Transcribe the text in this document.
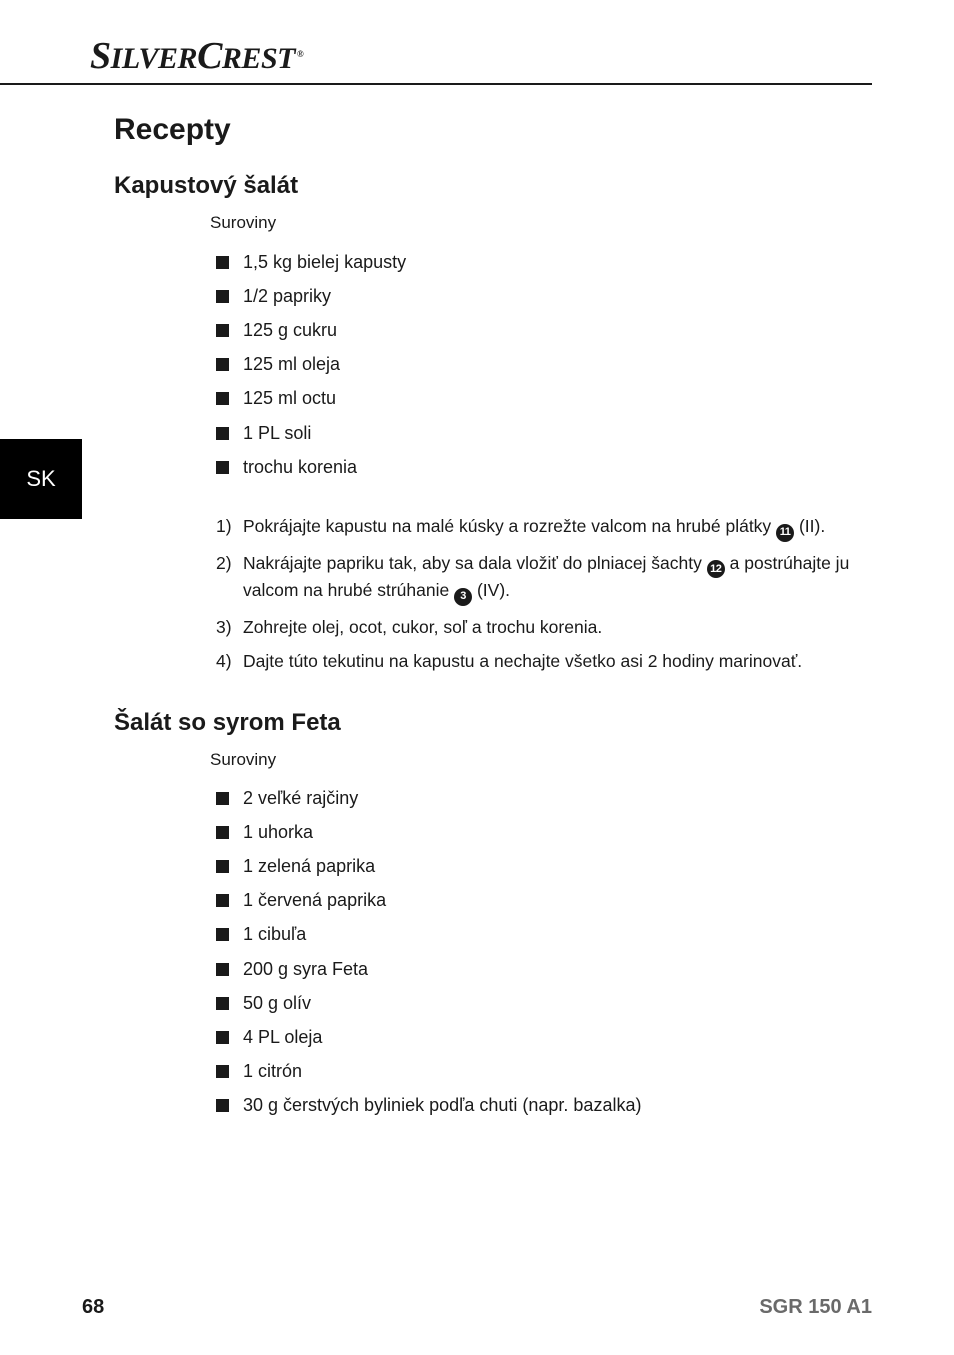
SILVERCREST ®
SK
Recepty
Kapustový šalát
Suroviny
1,5 kg bielej kapusty
1/2 papriky
125 g cukru
125 ml oleja
125 ml octu
1 PL soli
trochu korenia
1) Pokrájajte kapustu na malé kúsky a rozrežte valcom na hrubé plátky 11 (II).
2) Nakrájajte papriku tak, aby sa dala vložiť do plniacej šachty 12 a postrúhajte ju valcom na hrubé strúhanie 3 (IV).
3) Zohrejte olej, ocot, cukor, soľ a trochu korenia.
4) Dajte túto tekutinu na kapustu a nechajte všetko asi 2 hodiny marinovať.
Šalát so syrom Feta
Suroviny
2 veľké rajčiny
1 uhorka
1 zelená paprika
1 červená paprika
1 cibuľa
200 g syra Feta
50 g olív
4 PL oleja
1 citrón
30 g čerstvých byliniek podľa chuti (napr. bazalka)
68	SGR 150 A1
